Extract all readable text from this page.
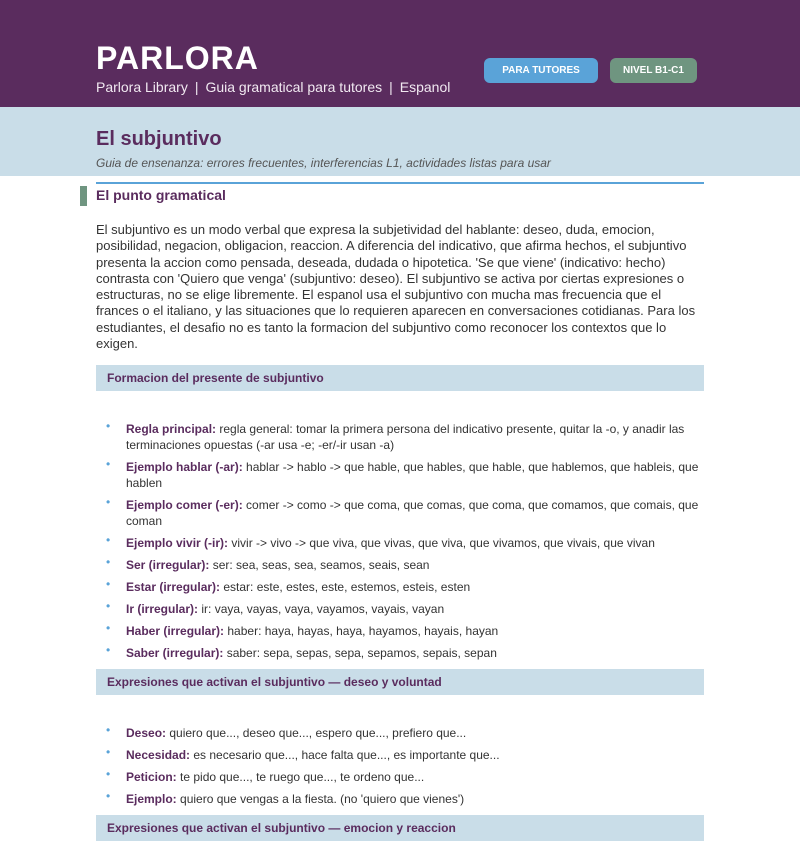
PARLORA
Parlora Library | Guia gramatical para tutores | Espanol
PARA TUTORES	NIVEL B1-C1
El subjuntivo
Guia de ensenanza: errores frecuentes, interferencias L1, actividades listas para usar
El punto gramatical

El subjuntivo es un modo verbal que expresa la subjetividad del hablante: deseo, duda, emocion, posibilidad, negacion, obligacion, reaccion. A diferencia del indicativo, que afirma hechos, el subjuntivo presenta la accion como pensada, deseada, dudada o hipotetica. 'Se que viene' (indicativo: hecho) contrasta con 'Quiero que venga' (subjuntivo: deseo). El subjuntivo se activa por ciertas expresiones o estructuras, no se elige libremente. El espanol usa el subjuntivo con mucha mas frecuencia que el frances o el italiano, y las situaciones que lo requieren aparecen en conversaciones cotidianas. Para los estudiantes, el desafio no es tanto la formacion del subjuntivo como reconocer los contextos que lo exigen.

Formacion del presente de subjuntivo
• Regla principal: regla general: tomar la primera persona del indicativo presente, quitar la -o, y anadir las terminaciones opuestas (-ar usa -e; -er/-ir usan -a)
• Ejemplo hablar (-ar): hablar -> hablo -> que hable, que hables, que hable, que hablemos, que hableis, que hablen
• Ejemplo comer (-er): comer -> como -> que coma, que comas, que coma, que comamos, que comais, que coman
• Ejemplo vivir (-ir): vivir -> vivo -> que viva, que vivas, que viva, que vivamos, que vivais, que vivan
• Ser (irregular): ser: sea, seas, sea, seamos, seais, sean
• Estar (irregular): estar: este, estes, este, estemos, esteis, esten
• Ir (irregular): ir: vaya, vayas, vaya, vayamos, vayais, vayan
• Haber (irregular): haber: haya, hayas, haya, hayamos, hayais, hayan
• Saber (irregular): saber: sepa, sepas, sepa, sepamos, sepais, sepan
Expresiones que activan el subjuntivo — deseo y voluntad
• Deseo: quiero que..., deseo que..., espero que..., prefiero que...
• Necesidad: es necesario que..., hace falta que..., es importante que...
• Peticion: te pido que..., te ruego que..., te ordeno que...
• Ejemplo: quiero que vengas a la fiesta. (no 'quiero que vienes')
Expresiones que activan el subjuntivo — emocion y reaccion
